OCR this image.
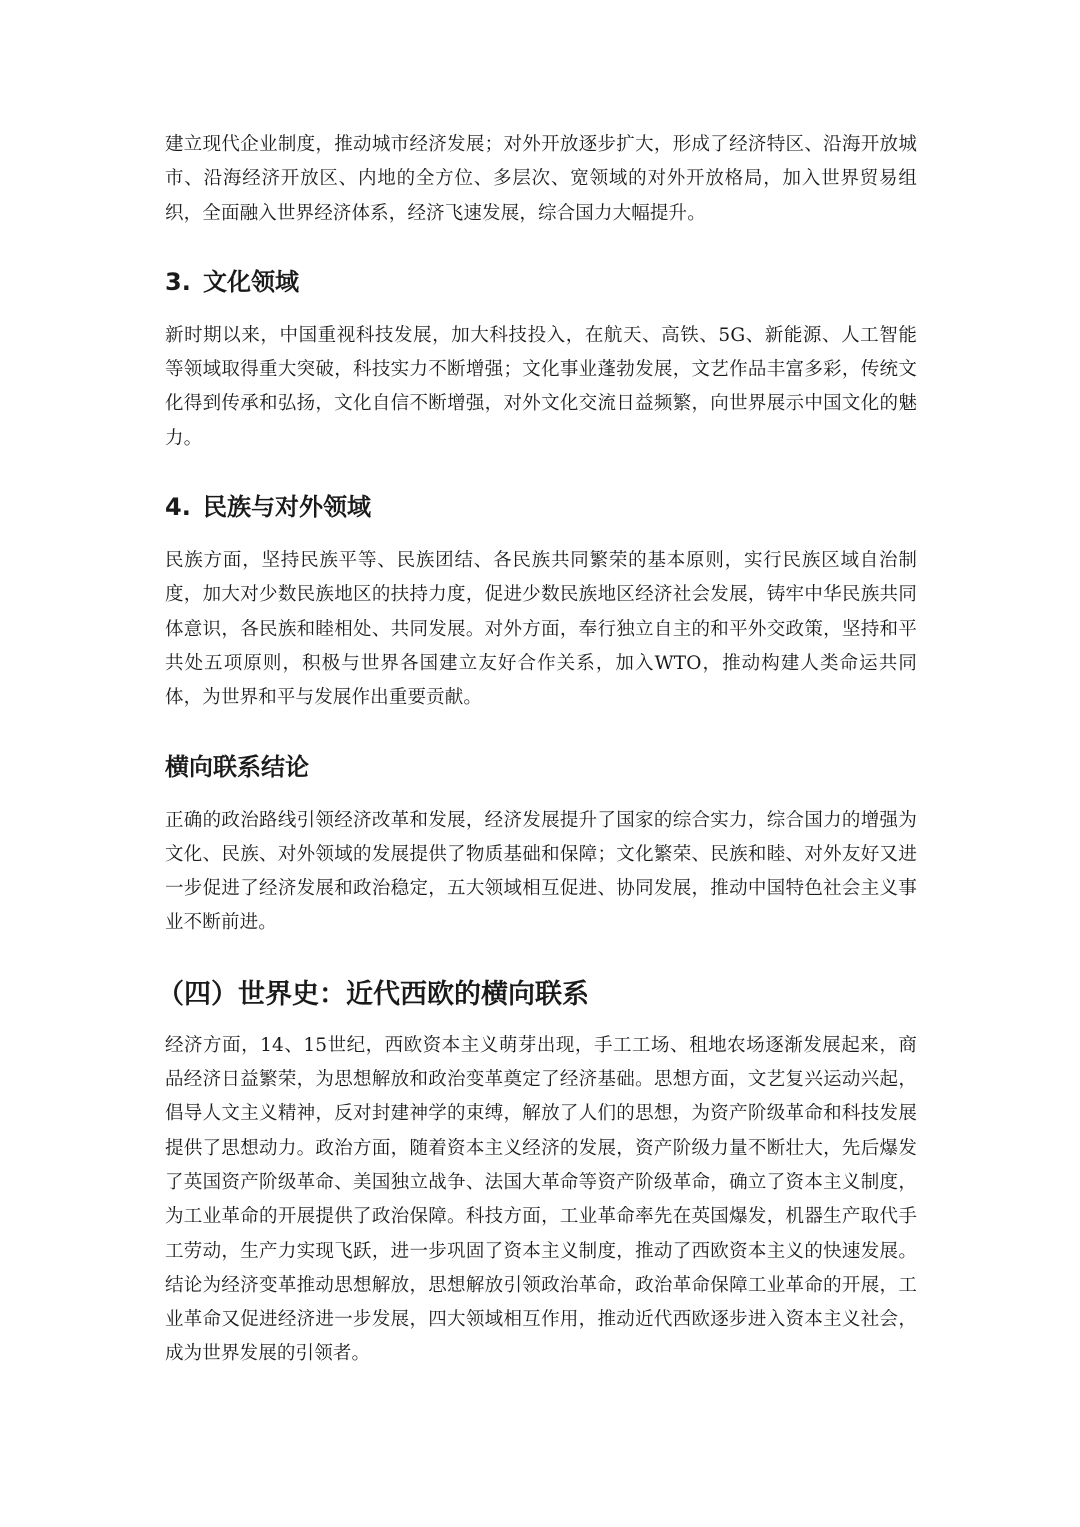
建立现代企业制度，推动城市经济发展；对外开放逐步扩大，形成了经济特区、沿海开放城市、沿海经济开放区、内地的全方位、多层次、宽领域的对外开放格局，加入世界贸易组织，全面融入世界经济体系，经济飞速发展，综合国力大幅提升。

3. 文化领域

新时期以来，中国重视科技发展，加大科技投入，在航天、高铁、5G、新能源、人工智能等领域取得重大突破，科技实力不断增强；文化事业蓬勃发展，文艺作品丰富多彩，传统文化得到传承和弘扬，文化自信不断增强，对外文化交流日益频繁，向世界展示中国文化的魅力。

4. 民族与对外领域

民族方面，坚持民族平等、民族团结、各民族共同繁荣的基本原则，实行民族区域自治制度，加大对少数民族地区的扶持力度，促进少数民族地区经济社会发展，铸牢中华民族共同体意识，各民族和睦相处、共同发展。对外方面，奉行独立自主的和平外交政策，坚持和平共处五项原则，积极与世界各国建立友好合作关系，加入WTO，推动构建人类命运共同体，为世界和平与发展作出重要贡献。

横向联系结论

正确的政治路线引领经济改革和发展，经济发展提升了国家的综合实力，综合国力的增强为文化、民族、对外领域的发展提供了物质基础和保障；文化繁荣、民族和睦、对外友好又进一步促进了经济发展和政治稳定，五大领域相互促进、协同发展，推动中国特色社会主义事业不断前进。

（四）世界史：近代西欧的横向联系

经济方面，14、15世纪，西欧资本主义萌芽出现，手工工场、租地农场逐渐发展起来，商品经济日益繁荣，为思想解放和政治变革奠定了经济基础。思想方面，文艺复兴运动兴起，倡导人文主义精神，反对封建神学的束缚，解放了人们的思想，为资产阶级革命和科技发展提供了思想动力。政治方面，随着资本主义经济的发展，资产阶级力量不断壮大，先后爆发了英国资产阶级革命、美国独立战争、法国大革命等资产阶级革命，确立了资本主义制度，为工业革命的开展提供了政治保障。科技方面，工业革命率先在英国爆发，机器生产取代手工劳动，生产力实现飞跃，进一步巩固了资本主义制度，推动了西欧资本主义的快速发展。结论为经济变革推动思想解放，思想解放引领政治革命，政治革命保障工业革命的开展，工业革命又促进经济进一步发展，四大领域相互作用，推动近代西欧逐步进入资本主义社会，成为世界发展的引领者。
